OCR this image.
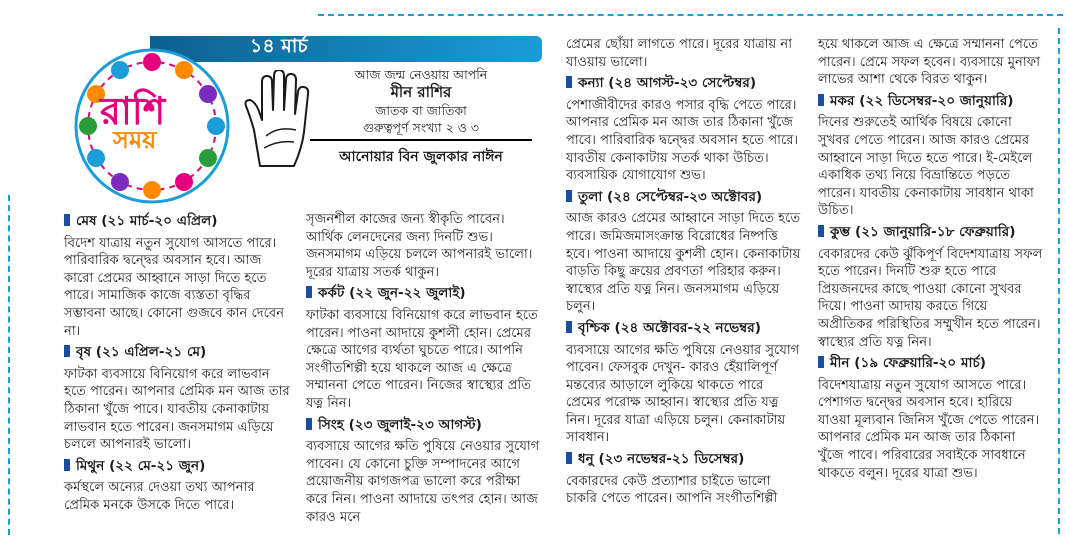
১৪ মার্চ
রাশি
সময়
আজ জন্ম নেওয়ায় আপনি
মীন রাশির
জাতক বা জাতিকা
গুরুত্বপূর্ণ সংখ্যা ২ ও ৩
আনোয়ার বিন জুলকার নাঈন
মেষ (২১ মার্চ-২০ এপ্রিল)

বিদেশ যাত্রায় নতুন সুযোগ আসতে পারে। পারিবারিক দ্বন্দ্বের অবসান হবে। আজ কারো প্রেমের আহ্বানে সাড়া দিতে হতে পারে। সামাজিক কাজে ব্যস্ততা বৃদ্ধির সম্ভাবনা আছে। কোনো গুজবে কান দেবেন না।

বৃষ (২১ এপ্রিল-২১ মে)

ফাটকা ব্যবসায়ে বিনিয়োগ করে লাভবান হতে পারেন। আপনার প্রেমিক মন আজ তার ঠিকানা খুঁজে পাবে। যাবতীয় কেনাকাটায় লাভবান হতে পারেন। জনসমাগম এড়িয়ে চললে আপনারই ভালো।

মিথুন (২২ মে-২১ জুন)

কর্মস্থলে অন্যের দেওয়া তথ্য আপনার প্রেমিক মনকে উসকে দিতে পারে।

সৃজনশীল কাজের জন্য স্বীকৃতি পাবেন। আর্থিক লেনদেনের জন্য দিনটি শুভ। জনসমাগম এড়িয়ে চললে আপনারই ভালো। দূরের যাত্রায় সতর্ক থাকুন।

কর্কট (২২ জুন-২২ জুলাই)

ফাটকা ব্যবসায়ে বিনিয়োগ করে লাভবান হতে পারেন। পাওনা আদায়ে কুশলী হোন। প্রেমের ক্ষেত্রে আগের ব্যর্থতা ঘুচতে পারে। আপনি সংগীতশিল্পী হয়ে থাকলে আজ এ ক্ষেত্রে সম্মাননা পেতে পারেন। নিজের স্বাস্থ্যের প্রতি যত্ন নিন।

সিংহ (২৩ জুলাই-২৩ আগস্ট)

ব্যবসায়ে আগের ক্ষতি পুষিয়ে নেওয়ার সুযোগ পাবেন। যে কোনো চুক্তি সম্পাদনের আগে প্রয়োজনীয় কাগজপত্র ভালো করে পরীক্ষা করে নিন। পাওনা আদায়ে তৎপর হোন। আজ কারও মনে

প্রেমের ছোঁয়া লাগতে পারে। দূরের যাত্রায় না যাওয়ায় ভালো।

কন্যা (২৪ আগস্ট-২৩ সেপ্টেম্বর)

পেশাজীবীদের কারও পসার বৃদ্ধি পেতে পারে। আপনার প্রেমিক মন আজ তার ঠিকানা খুঁজে পাবে। পারিবারিক দ্বন্দ্বের অবসান হতে পারে। যাবতীয় কেনাকাটায় সতর্ক থাকা উচিত। ব্যবসায়িক যোগাযোগ শুভ।

তুলা (২৪ সেপ্টেম্বর-২৩ অক্টোবর)

আজ কারও প্রেমের আহ্বানে সাড়া দিতে হতে পারে। জমিজমাসংক্রান্ত বিরোধের নিষ্পত্তি হবে। পাওনা আদায়ে কুশলী হোন। কেনাকাটায় বাড়তি কিছু ক্রয়ের প্রবণতা পরিহার করুন। স্বাস্থ্যের প্রতি যত্ন নিন। জনসমাগম এড়িয়ে চলুন।

বৃশ্চিক (২৪ অক্টোবর-২২ নভেম্বর)

ব্যবসায়ে আগের ক্ষতি পুষিয়ে নেওয়ার সুযোগ পাবেন। ফেসবুক দেখুন- কারও হেঁয়ালিপূর্ণ মন্তব্যের আড়ালে লুকিয়ে থাকতে পারে প্রেমের পরোক্ষ আহ্বান। স্বাস্থ্যের প্রতি যত্ন নিন। দূরের যাত্রা এড়িয়ে চলুন। কেনাকাটায় সাবধান।

ধনু (২৩ নভেম্বর-২১ ডিসেম্বর)

বেকারদের কেউ প্রত্যাশার চাইতে ভালো চাকরি পেতে পারেন। আপনি সংগীতশিল্পী

হয়ে থাকলে আজ এ ক্ষেত্রে সম্মাননা পেতে পারেন। প্রেমে সফল হবেন। ব্যবসায়ে মুনাফা লাভের আশা থেকে বিরত থাকুন।

মকর (২২ ডিসেম্বর-২০ জানুয়ারি)

দিনের শুরুতেই আর্থিক বিষয়ে কোনো সুখবর পেতে পারেন। আজ কারও প্রেমের আহ্বানে সাড়া দিতে হতে পারে। ই-মেইলে একাধিক তথ্য নিয়ে বিভ্রান্তিতে পড়তে পারেন। যাবতীয় কেনাকাটায় সাবধান থাকা উচিত।

কুম্ভ (২১ জানুয়ারি-১৮ ফেব্রুয়ারি)

বেকারদের কেউ ঝুঁকিপূর্ণ বিদেশযাত্রায় সফল হতে পারেন। দিনটি শুরু হতে পারে প্রিয়জনদের কাছে পাওয়া কোনো সুখবর দিয়ে। পাওনা আদায় করতে গিয়ে অপ্রীতিকর পরিস্থিতির সম্মুখীন হতে পারেন। স্বাস্থ্যের প্রতি যত্ন নিন।

মীন (১৯ ফেব্রুয়ারি-২০ মার্চ)

বিদেশযাত্রায় নতুন সুযোগ আসতে পারে। পেশাগত দ্বন্দ্বের অবসান হবে। হারিয়ে যাওয়া মূল্যবান জিনিস খুঁজে পেতে পারেন। আপনার প্রেমিক মন আজ তার ঠিকানা খুঁজে পাবে। পরিবারের সবাইকে সাবধানে থাকতে বলুন। দূরের যাত্রা শুভ।
